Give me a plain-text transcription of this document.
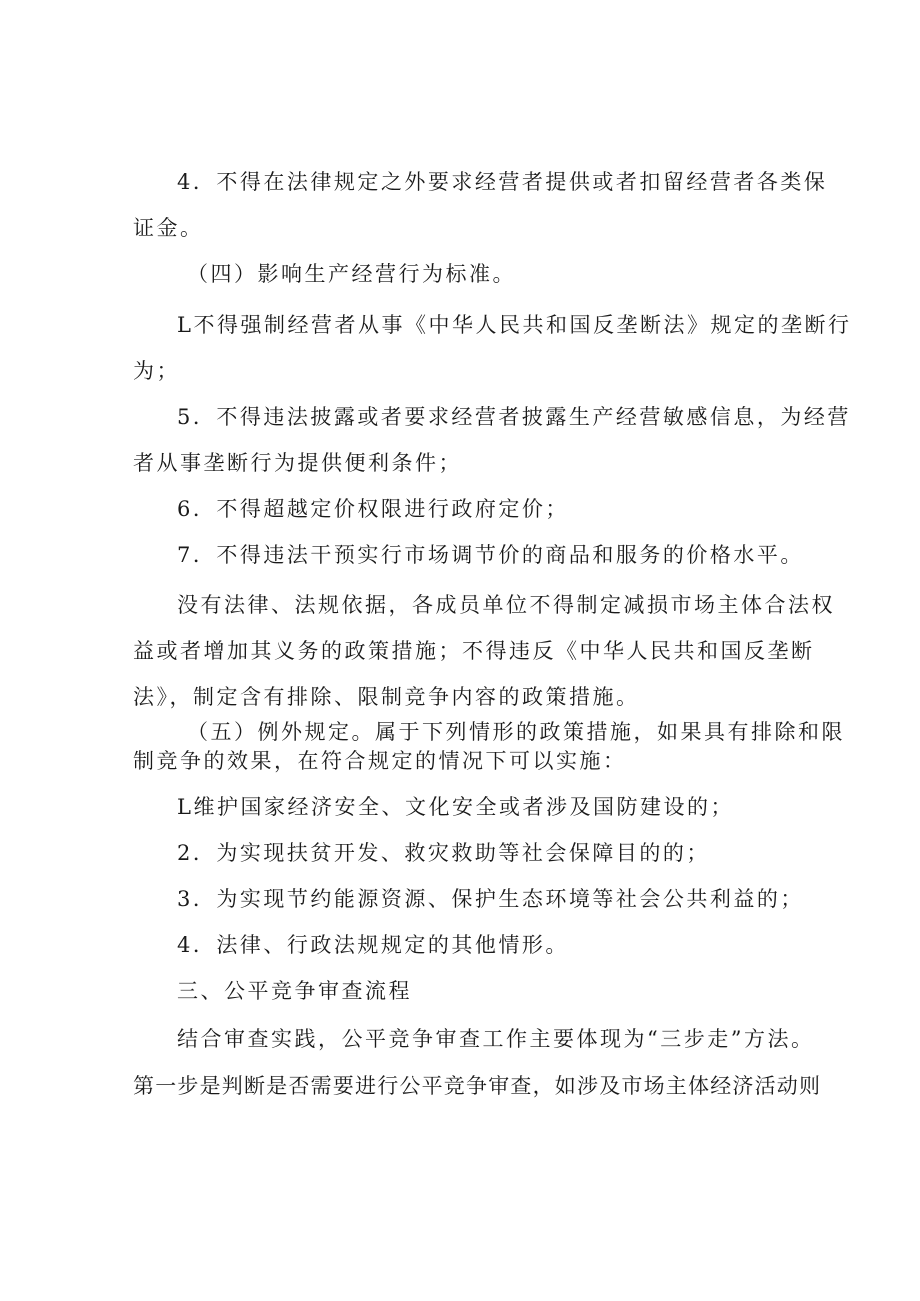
4．不得在法律规定之外要求经营者提供或者扣留经营者各类保
证金。
（四）影响生产经营行为标准。
L不得强制经营者从事《中华人民共和国反垄断法》规定的垄断行
为；
5．不得违法披露或者要求经营者披露生产经营敏感信息，为经营
者从事垄断行为提供便利条件；
6．不得超越定价权限进行政府定价；
7．不得违法干预实行市场调节价的商品和服务的价格水平。
没有法律、法规依据，各成员单位不得制定减损市场主体合法权
益或者增加其义务的政策措施；不得违反《中华人民共和国反垄断
法》，制定含有排除、限制竞争内容的政策措施。
（五）例外规定。属于下列情形的政策措施，如果具有排除和限
制竞争的效果，在符合规定的情况下可以实施：
L维护国家经济安全、文化安全或者涉及国防建设的；
2．为实现扶贫开发、救灾救助等社会保障目的的；
3．为实现节约能源资源、保护生态环境等社会公共利益的；
4．法律、行政法规规定的其他情形。
三、公平竞争审查流程
结合审查实践，公平竞争审查工作主要体现为“三步走”方法。
第一步是判断是否需要进行公平竞争审查，如涉及市场主体经济活动则
